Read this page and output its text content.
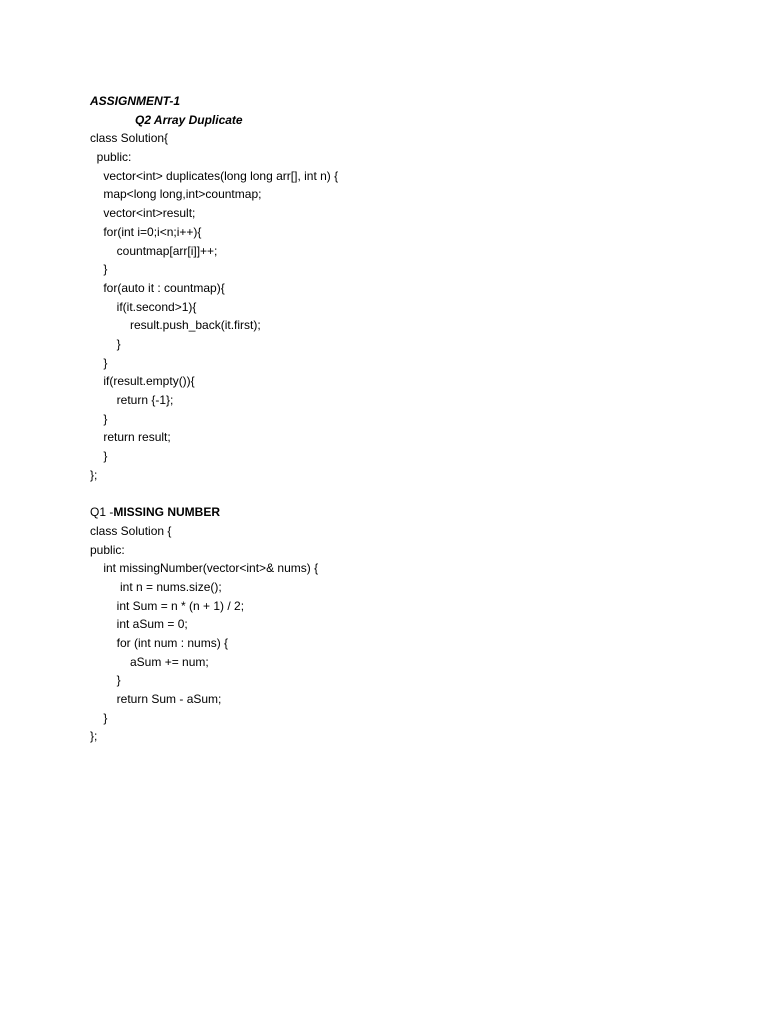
ASSIGNMENT-1
Q2 Array Duplicate
class Solution{
public:
vector<int> duplicates(long long arr[], int n) {
map<long long,int>countmap;
vector<int>result;
for(int i=0;i<n;i++){
countmap[arr[i]]++;
}
for(auto it : countmap){
if(it.second>1){
result.push_back(it.first);
}
}
if(result.empty()){
return {-1};
}
return result;
}
};
Q1 -MISSING NUMBER
class Solution {
public:
int missingNumber(vector<int>& nums) {
int n = nums.size();
int Sum = n * (n + 1) / 2;
int aSum = 0;
for (int num : nums) {
aSum += num;
}
return Sum - aSum;
}
};
